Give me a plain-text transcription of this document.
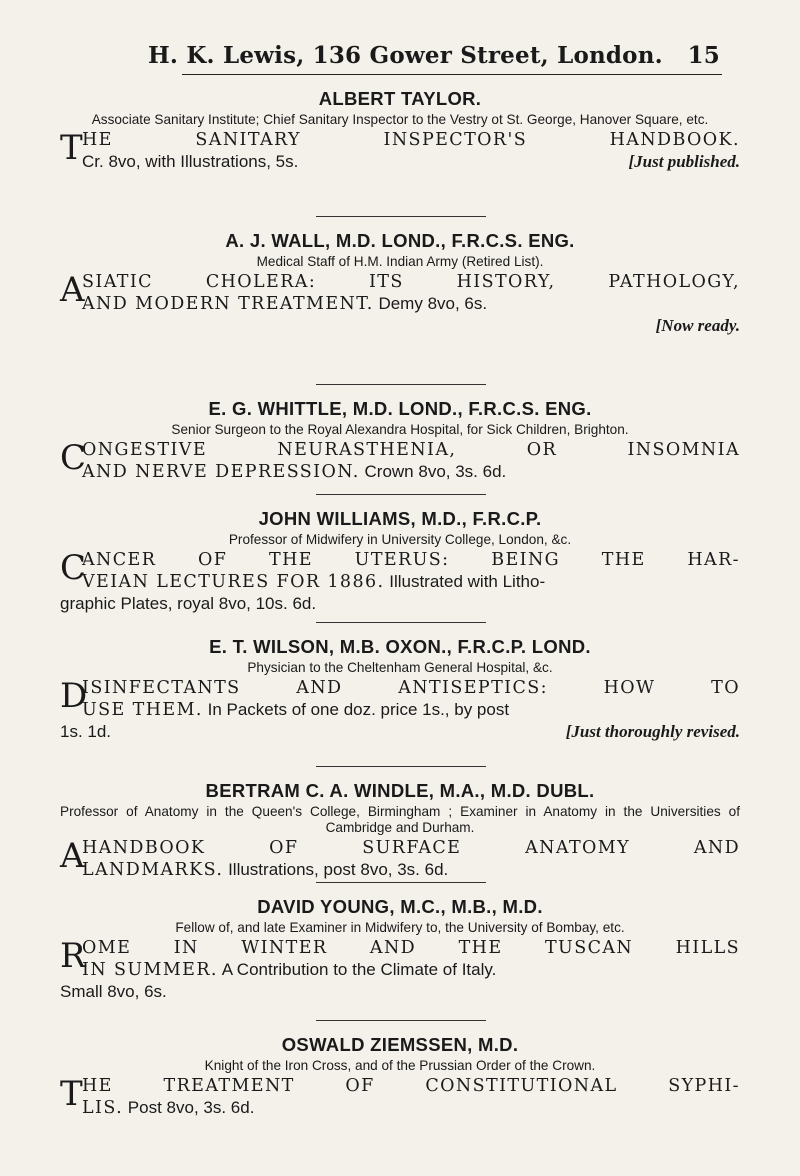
H. K. Lewis, 136 Gower Street, London. 15
ALBERT TAYLOR.
Associate Sanitary Institute; Chief Sanitary Inspector to the Vestry ot St. George, Hanover Square, etc.
T HE SANITARY INSPECTOR'S HANDBOOK.
Cr. 8vo, with Illustrations, 5s.	[Just published.
A. J. WALL, M.D. LOND., F.R.C.S. ENG.
Medical Staff of H.M. Indian Army (Retired List).
A
SIATIC CHOLERA: ITS HISTORY, PATHOLOGY,
AND MODERN TREATMENT. Demy 8vo, 6s.
[Now ready.
E. G. WHITTLE, M.D. LOND., F.R.C.S. ENG.
Senior Surgeon to the Royal Alexandra Hospital, for Sick Children, Brighton.
C
ONGESTIVE NEURASTHENIA, OR INSOMNIA
AND NERVE DEPRESSION. Crown 8vo, 3s. 6d.
JOHN WILLIAMS, M.D., F.R.C.P.
Professor of Midwifery in University College, London, &c.
C
ANCER OF THE UTERUS: BEING THE HAR-
VEIAN LECTURES FOR 1886. Illustrated with Litho-
graphic Plates, royal 8vo, 10s. 6d.
E. T. WILSON, M.B. OXON., F.R.C.P. LOND.
Physician to the Cheltenham General Hospital, &c.
D
ISINFECTANTS AND ANTISEPTICS: HOW TO
USE THEM. In Packets of one doz. price 1s., by post
1s. 1d.	[Just thoroughly revised.
BERTRAM C. A. WINDLE, M.A., M.D. DUBL.
Professor of Anatomy in the Queen's College, Birmingham ; Examiner in Anatomy in the Universities of Cambridge and Durham.
A
HANDBOOK OF SURFACE ANATOMY AND
LANDMARKS. Illustrations, post 8vo, 3s. 6d.
DAVID YOUNG, M.C., M.B., M.D.
Fellow of, and late Examiner in Midwifery to, the University of Bombay, etc.
R
OME IN WINTER AND THE TUSCAN HILLS
IN SUMMER. A Contribution to the Climate of Italy.
Small 8vo, 6s.
OSWALD ZIEMSSEN, M.D.
Knight of the Iron Cross, and of the Prussian Order of the Crown.
T HE TREATMENT OF CONSTITUTIONAL SYPHI-
LIS. Post 8vo, 3s. 6d.
